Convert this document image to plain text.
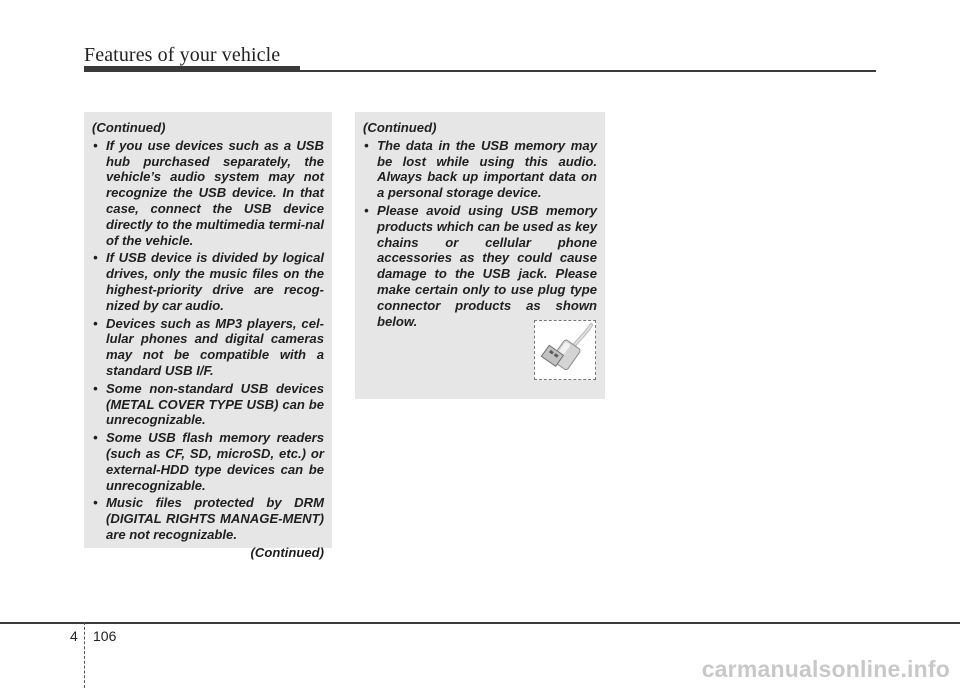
Features of your vehicle
(Continued)
• If you use devices such as a USB hub purchased separately, the vehicle’s audio system may not recognize the USB device. In that case, connect the USB device directly to the multimedia termi-nal of the vehicle.
• If USB device is divided by logical drives, only the music files on the highest-priority drive are recog-nized by car audio.
• Devices such as MP3 players, cel-lular phones and digital cameras may not be compatible with a standard USB I/F.
• Some non-standard USB devices (METAL COVER TYPE USB) can be unrecognizable.
• Some USB flash memory readers (such as CF, SD, microSD, etc.) or external-HDD type devices can be unrecognizable.
• Music files protected by DRM (DIGITAL RIGHTS MANAGE-MENT) are not recognizable.
(Continued)
(Continued)
• The data in the USB memory may be lost while using this audio. Always back up important data on a personal storage device.
• Please avoid using USB memory products which can be used as key chains or cellular phone accessories as they could cause damage to the USB jack. Please make certain only to use plug type connector products as shown below.
4 106
carmanualsonline.info
